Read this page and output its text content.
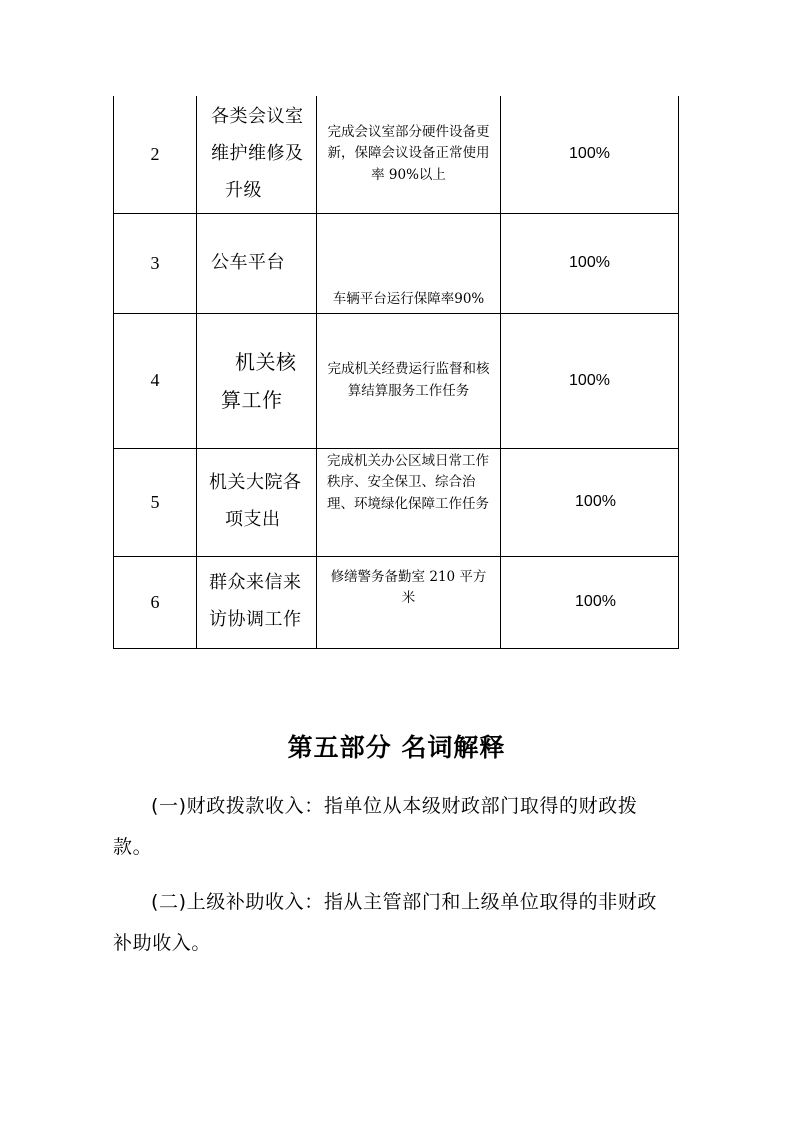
2	各类会议室
维护维修及
升级	完成会议室部分硬件设备更新，保障会议设备正常使用率 90%以上	100%

3	公车平台	车辆平台运行保障率90%	100%

4	机关核
算工作	完成机关经费运行监督和核算结算服务工作任务	100%

5	机关大院各
项支出	完成机关办公区域日常工作秩序、安全保卫、综合治理、环境绿化保障工作任务	100%

6	群众来信来
访协调工作	修缮警务备勤室 210 平方米	100%
第五部分 名词解释
(一)财政拨款收入：指单位从本级财政部门取得的财政拨款。
(二)上级补助收入：指从主管部门和上级单位取得的非财政补助收入。
